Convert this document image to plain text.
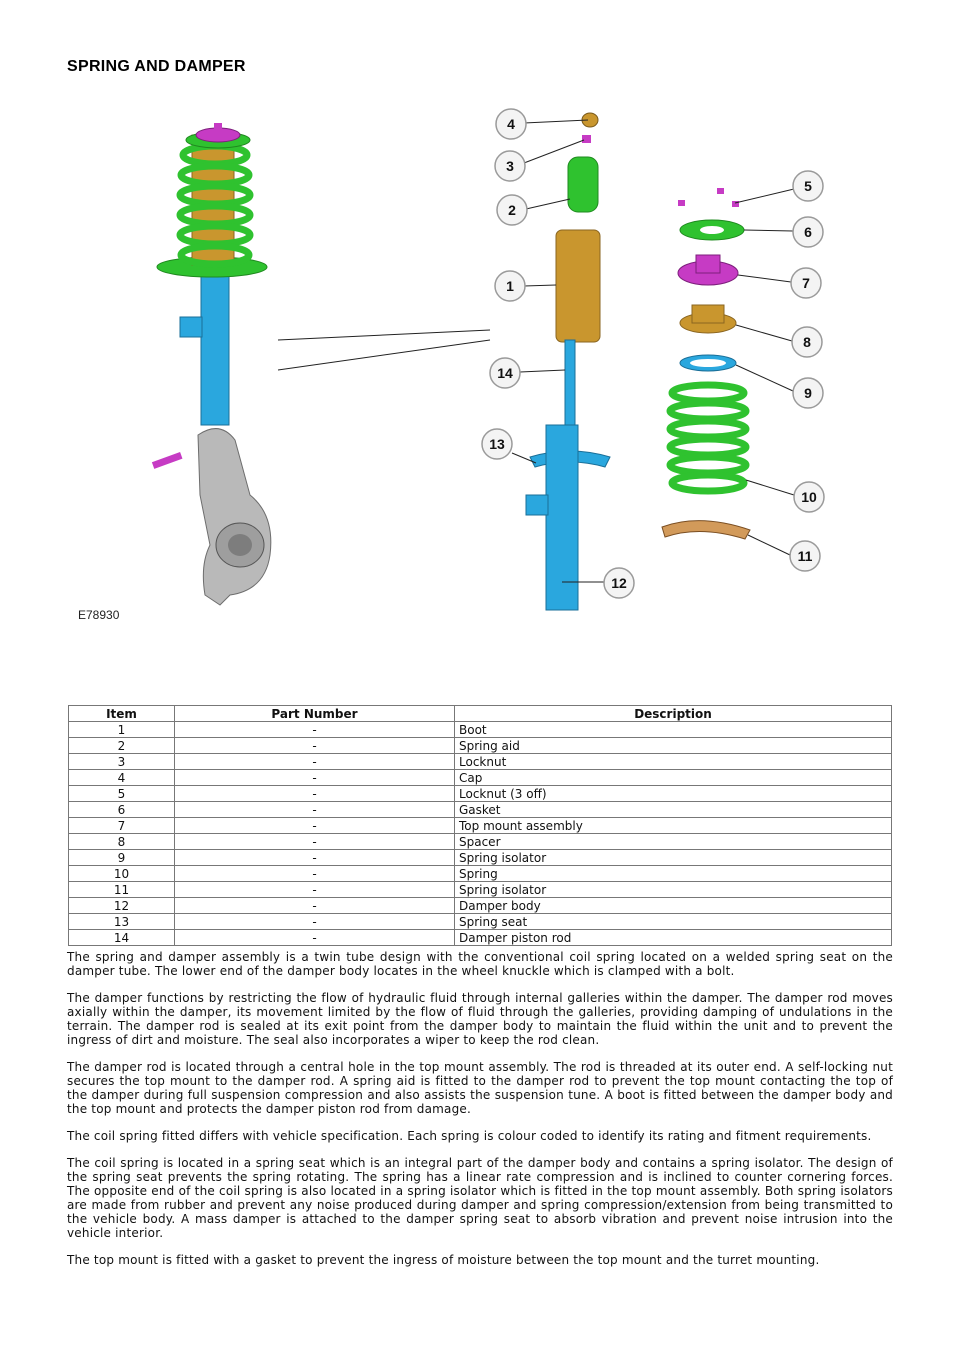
SPRING AND DAMPER
1
2
3
4
5
6
7
8
9
10
11
12
13
14
E78930
Item	Part Number	Description
1	-	Boot
2	-	Spring aid
3	-	Locknut
4	-	Cap
5	-	Locknut (3 off)
6	-	Gasket
7	-	Top mount assembly
8	-	Spacer
9	-	Spring isolator
10	-	Spring
11	-	Spring isolator
12	-	Damper body
13	-	Spring seat
14	-	Damper piston rod

The spring and damper assembly is a twin tube design with the conventional coil spring located on a welded spring seat on the damper tube. The lower end of the damper body locates in the wheel knuckle which is clamped with a bolt.

The damper functions by restricting the flow of hydraulic fluid through internal galleries within the damper. The damper rod moves axially within the damper, its movement limited by the flow of fluid through the galleries, providing damping of undulations in the terrain. The damper rod is sealed at its exit point from the damper body to maintain the fluid within the unit and to prevent the ingress of dirt and moisture. The seal also incorporates a wiper to keep the rod clean.

The damper rod is located through a central hole in the top mount assembly. The rod is threaded at its outer end. A self-locking nut secures the top mount to the damper rod. A spring aid is fitted to the damper rod to prevent the top mount contacting the top of the damper during full suspension compression and also assists the suspension tune. A boot is fitted between the damper body and the top mount and protects the damper piston rod from damage.

The coil spring fitted differs with vehicle specification. Each spring is colour coded to identify its rating and fitment requirements.

The coil spring is located in a spring seat which is an integral part of the damper body and contains a spring isolator. The design of the spring seat prevents the spring rotating. The spring has a linear rate compression and is inclined to counter cornering forces. The opposite end of the coil spring is also located in a spring isolator which is fitted in the top mount assembly. Both spring isolators are made from rubber and prevent any noise produced during damper and spring compression/extension from being transmitted to the vehicle body. A mass damper is attached to the damper spring seat to absorb vibration and prevent noise intrusion into the vehicle interior.

The top mount is fitted with a gasket to prevent the ingress of moisture between the top mount and the turret mounting.
